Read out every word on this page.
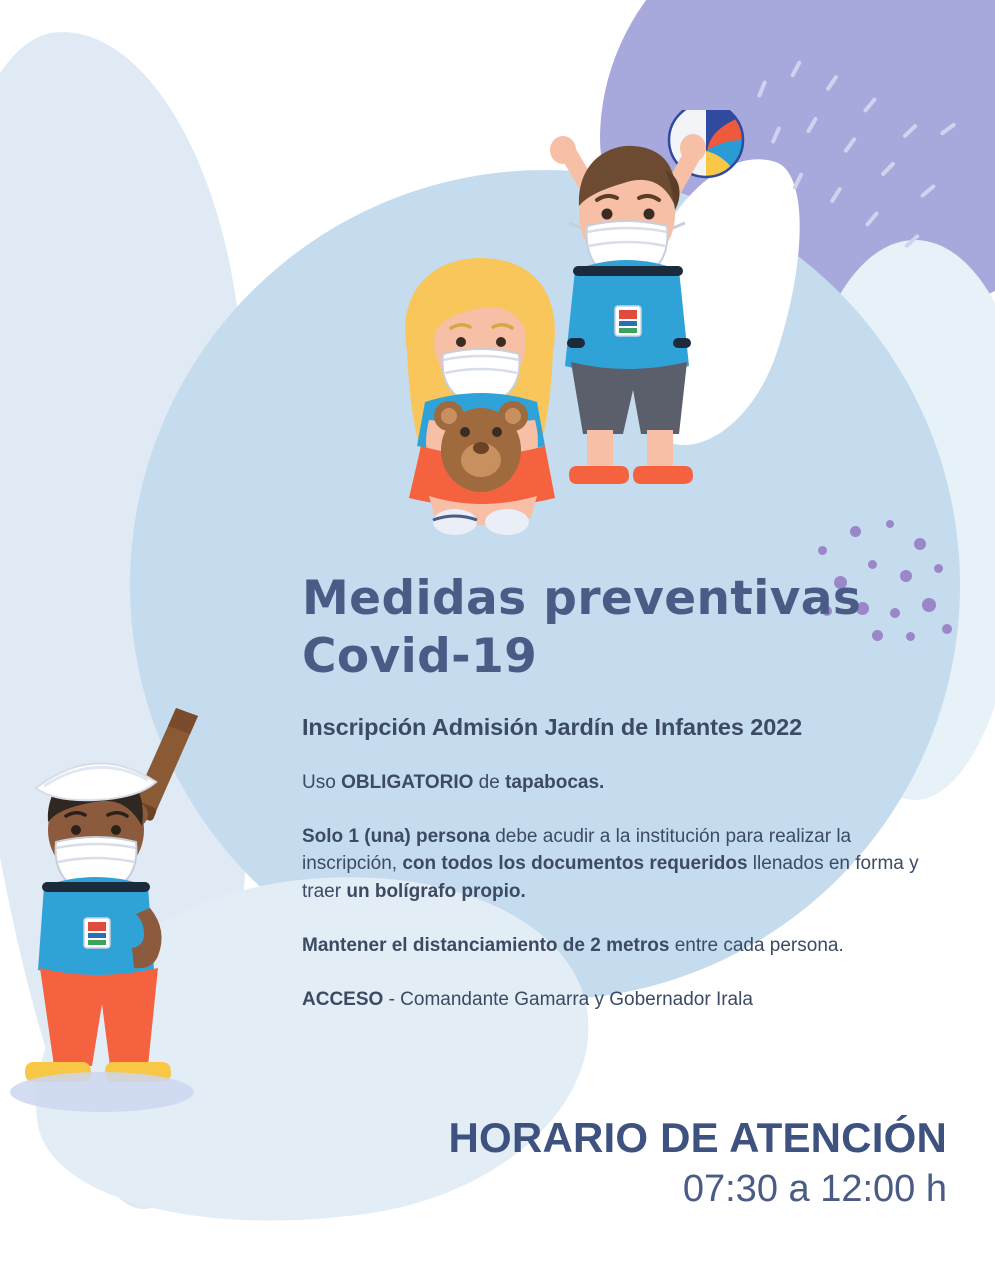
Medidas preventivas
Covid-19
Inscripción Admisión Jardín de Infantes 2022

Uso OBLIGATORIO de tapabocas.

Solo 1 (una) persona debe acudir a la institución para realizar la inscripción, con todos los documentos requeridos llenados en forma y traer un bolígrafo propio.

Mantener el distanciamiento de 2 metros entre cada persona.

ACCESO - Comandante Gamarra y Gobernador Irala

HORARIO DE ATENCIÓN

07:30 a 12:00 h
